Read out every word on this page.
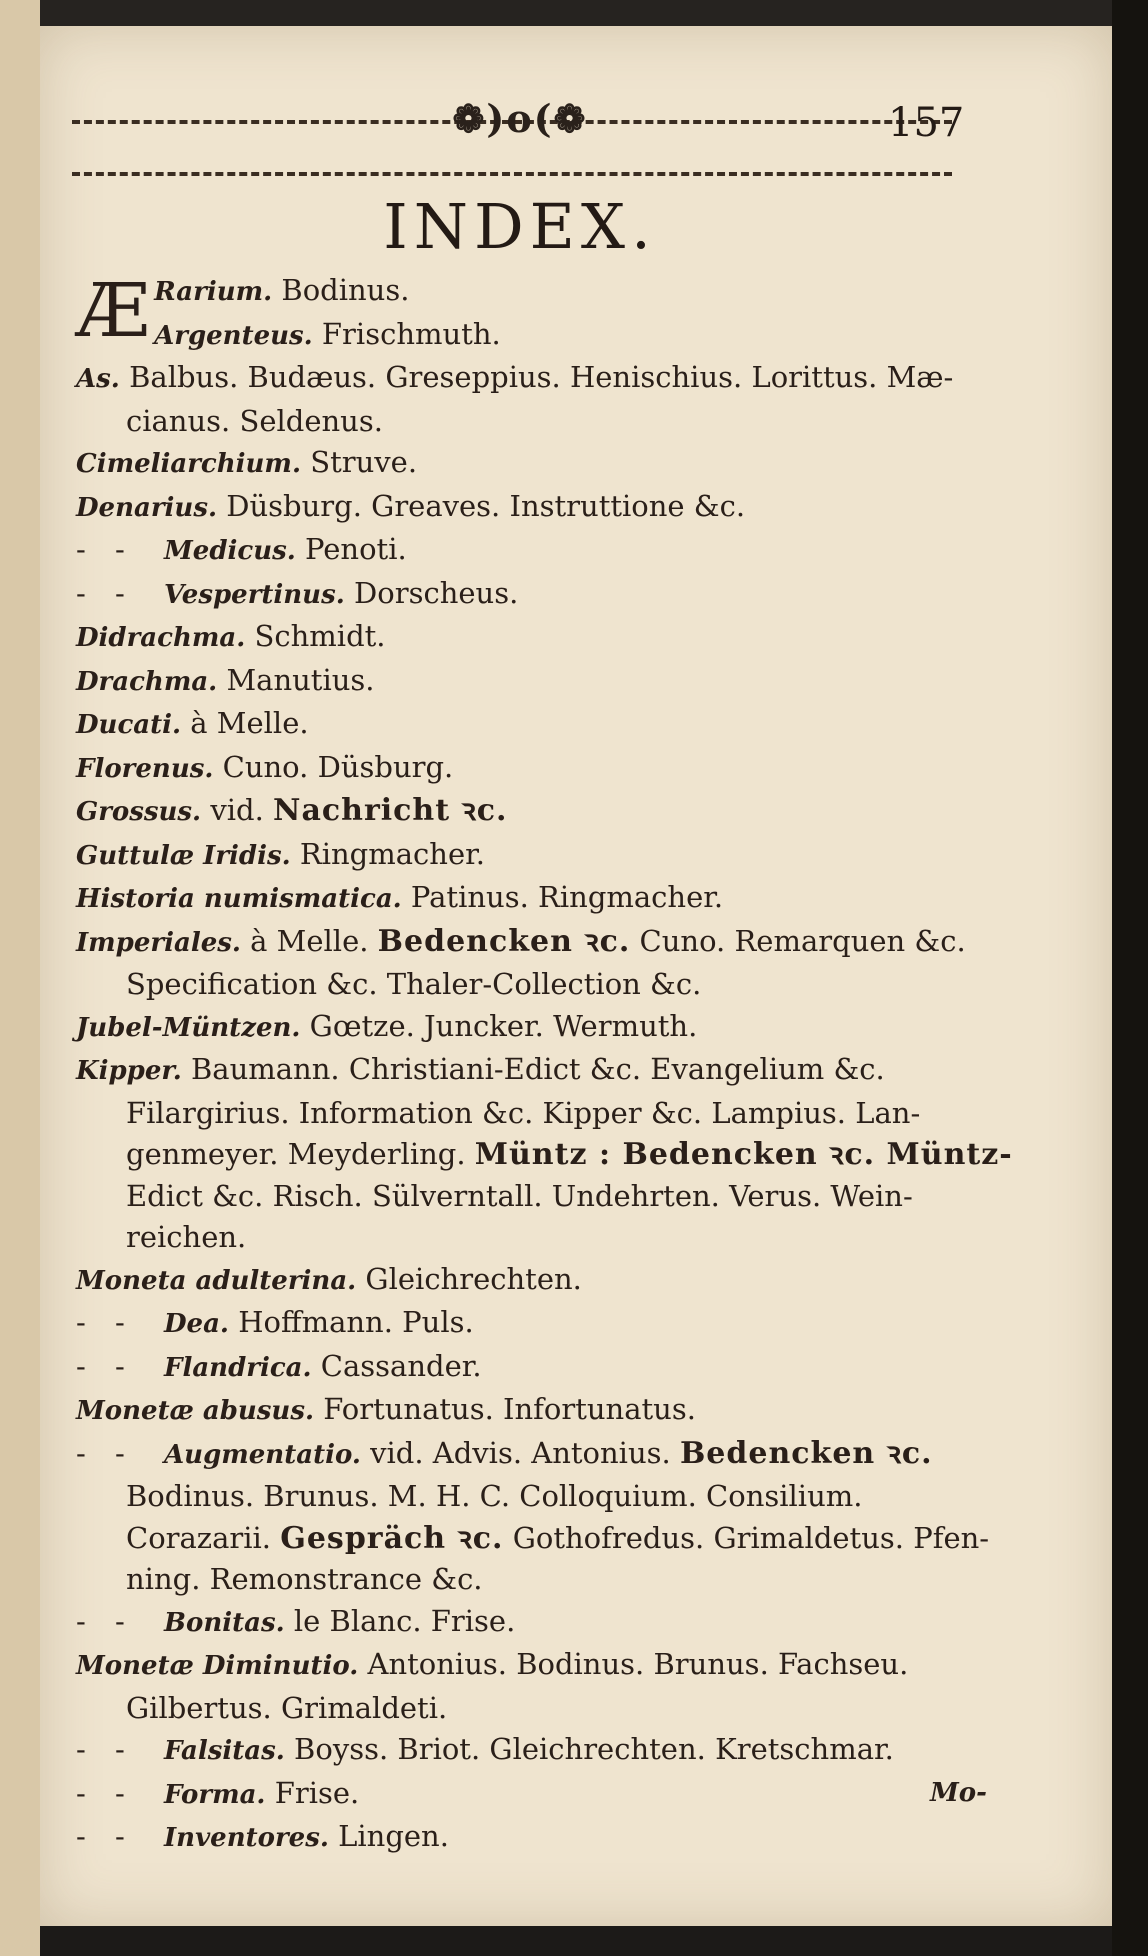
❁)o(❁	157
INDEX.
Æ Rarium. Bodinus.
Argenteus. Frischmuth.
As. Balbus. Budæus. Greseppius. Henischius. Lorittus. Mæ-
cianus. Seldenus.
Cimeliarchium. Struve.
Denarius. Düsburg. Greaves. Instruttione &c.
- - Medicus. Penoti.
- - Vespertinus. Dorscheus.
Didrachma. Schmidt.
Drachma. Manutius.
Ducati. à Melle.
Florenus. Cuno. Düsburg.
Grossus. vid. Nachricht ꝛc.
Guttulæ Iridis. Ringmacher.
Historia numismatica. Patinus. Ringmacher.
Imperiales. à Melle. Bedencken ꝛc. Cuno. Remarquen &c.
Specification &c. Thaler-Collection &c.
Jubel-Müntzen. Gœtze. Juncker. Wermuth.
Kipper. Baumann. Christiani-Edict &c. Evangelium &c.
Filargirius. Information &c. Kipper &c. Lampius. Lan-
genmeyer. Meyderling. Müntz : Bedencken ꝛc. Müntz-
Edict &c. Risch. Sülverntall. Undehrten. Verus. Wein-
reichen.
Moneta adulterina. Gleichrechten.
- - Dea. Hoffmann. Puls.
- - Flandrica. Cassander.
Monetæ abusus. Fortunatus. Infortunatus.
- - Augmentatio. vid. Advis. Antonius. Bedencken ꝛc.
Bodinus. Brunus. M. H. C. Colloquium. Consilium.
Corazarii. Gespräch ꝛc. Gothofredus. Grimaldetus. Pfen-
ning. Remonstrance &c.
- - Bonitas. le Blanc. Frise.
Monetæ Diminutio. Antonius. Bodinus. Brunus. Fachseu.
Gilbertus. Grimaldeti.
- - Falsitas. Boyss. Briot. Gleichrechten. Kretschmar.
- - Forma. Frise.
- - Inventores. Lingen.
Mo-
